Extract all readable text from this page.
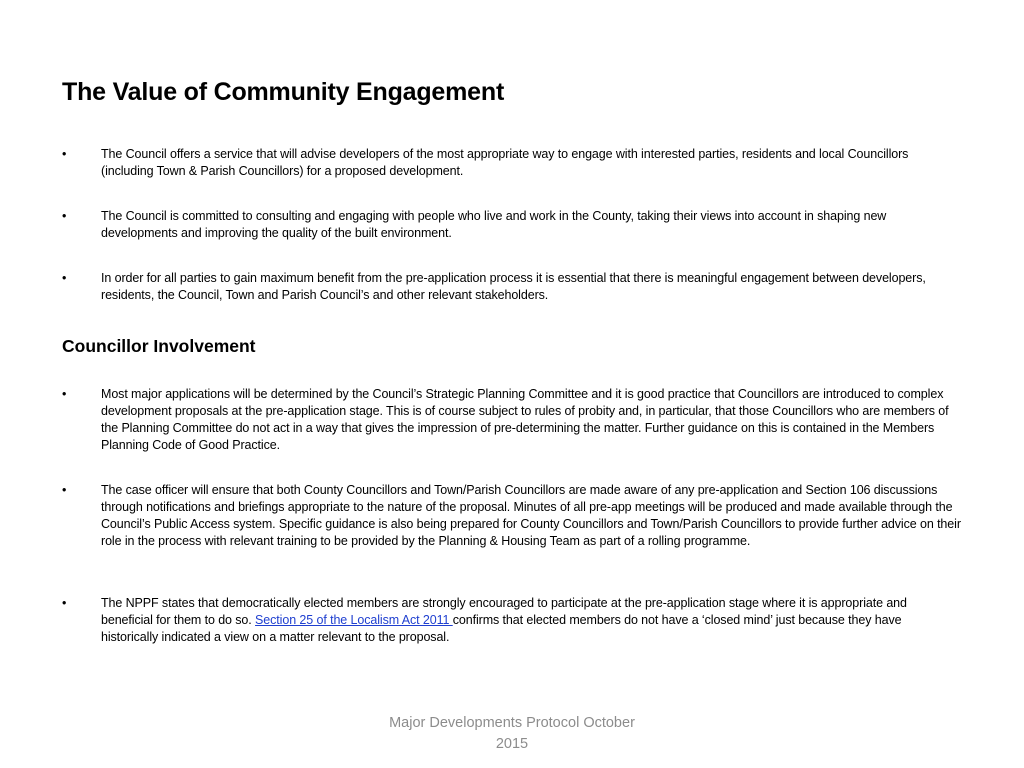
The Value of Community Engagement
•	The Council offers a service that will advise developers of the most appropriate way to engage with interested parties, residents and local Councillors (including Town & Parish Councillors) for a proposed development.
•	The Council is committed to consulting and engaging with people who live and work in the County, taking their views into account in shaping new developments and improving the quality of the built environment.
•	In order for all parties to gain maximum benefit from the pre-application process it is essential that there is meaningful engagement between developers, residents, the Council, Town and Parish Council’s and other relevant stakeholders.
Councillor Involvement
•	Most major applications will be determined by the Council’s Strategic Planning Committee and it is good practice that Councillors are introduced to complex development proposals at the pre-application stage. This is of course subject to rules of probity and, in particular, that those Councillors who are members of the Planning Committee do not act in a way that gives the impression of pre-determining the matter. Further guidance on this is contained in the Members Planning Code of Good Practice.
•	The case officer will ensure that both County Councillors and Town/Parish Councillors are made aware of any pre-application and Section 106 discussions through notifications and briefings appropriate to the nature of the proposal. Minutes of all pre-app meetings will be produced and made available through the Council’s Public Access system. Specific guidance is also being prepared for County Councillors and Town/Parish Councillors to provide further advice on their role in the process with relevant training to be provided by the Planning & Housing Team as part of a rolling programme.
•	The NPPF states that democratically elected members are strongly encouraged to participate at the pre-application stage where it is appropriate and beneficial for them to do so. Section 25 of the Localism Act 2011 confirms that elected members do not have a ‘closed mind’ just because they have historically indicated a view on a matter relevant to the proposal.
Major Developments Protocol October
2015
